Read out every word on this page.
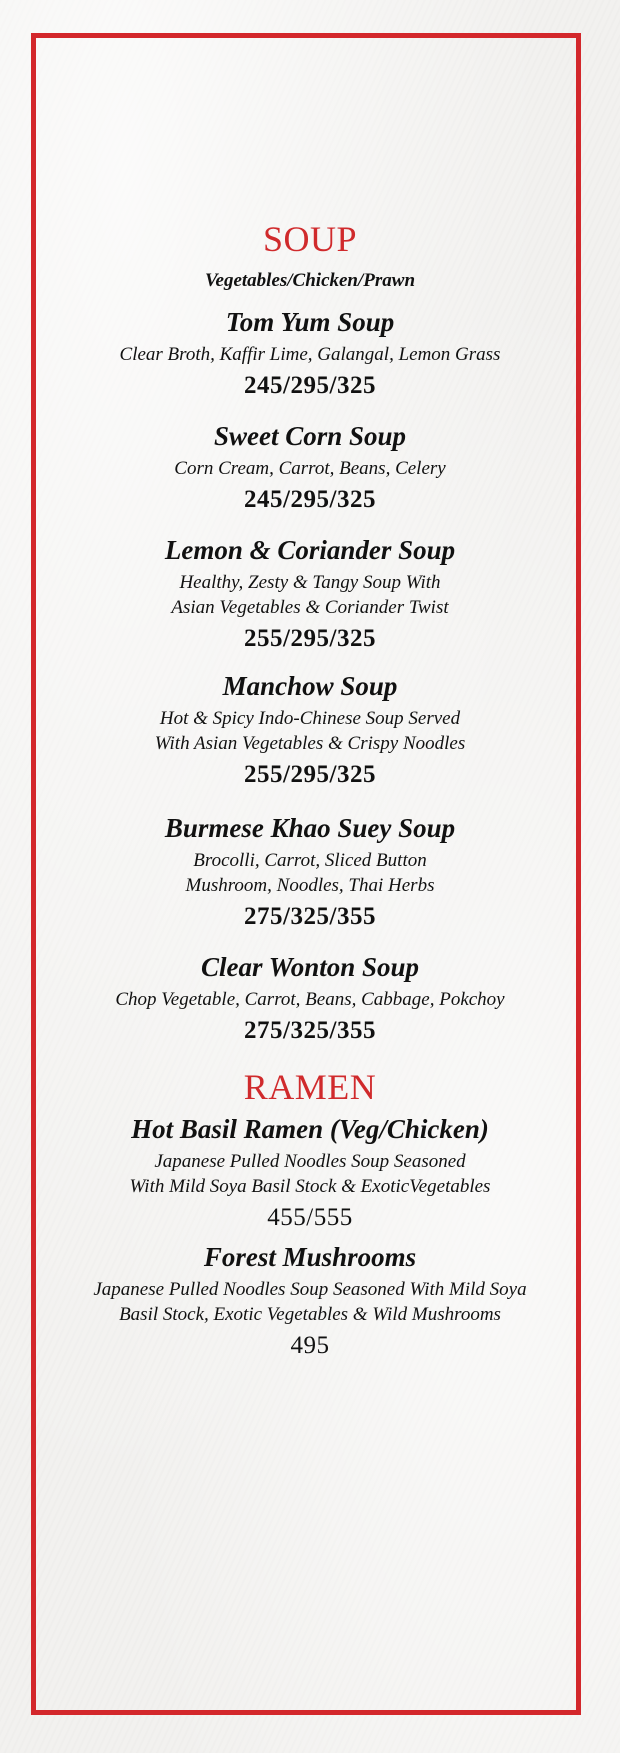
SOUP
Vegetables/Chicken/Prawn
Tom Yum Soup
Clear Broth, Kaffir Lime, Galangal, Lemon Grass
245/295/325
Sweet Corn Soup
Corn Cream, Carrot, Beans, Celery
245/295/325
Lemon & Coriander Soup
Healthy, Zesty & Tangy Soup With
Asian Vegetables & Coriander Twist
255/295/325
Manchow Soup
Hot & Spicy Indo-Chinese Soup Served
With Asian Vegetables & Crispy Noodles
255/295/325
Burmese Khao Suey Soup
Brocolli, Carrot, Sliced Button
Mushroom, Noodles, Thai Herbs
275/325/355
Clear Wonton Soup
Chop Vegetable, Carrot, Beans, Cabbage, Pokchoy
275/325/355
RAMEN
Hot Basil Ramen (Veg/Chicken)
Japanese Pulled Noodles Soup Seasoned
With Mild Soya Basil Stock & ExoticVegetables
455/555
Forest Mushrooms
Japanese Pulled Noodles Soup Seasoned With Mild Soya
Basil Stock, Exotic Vegetables & Wild Mushrooms
495
